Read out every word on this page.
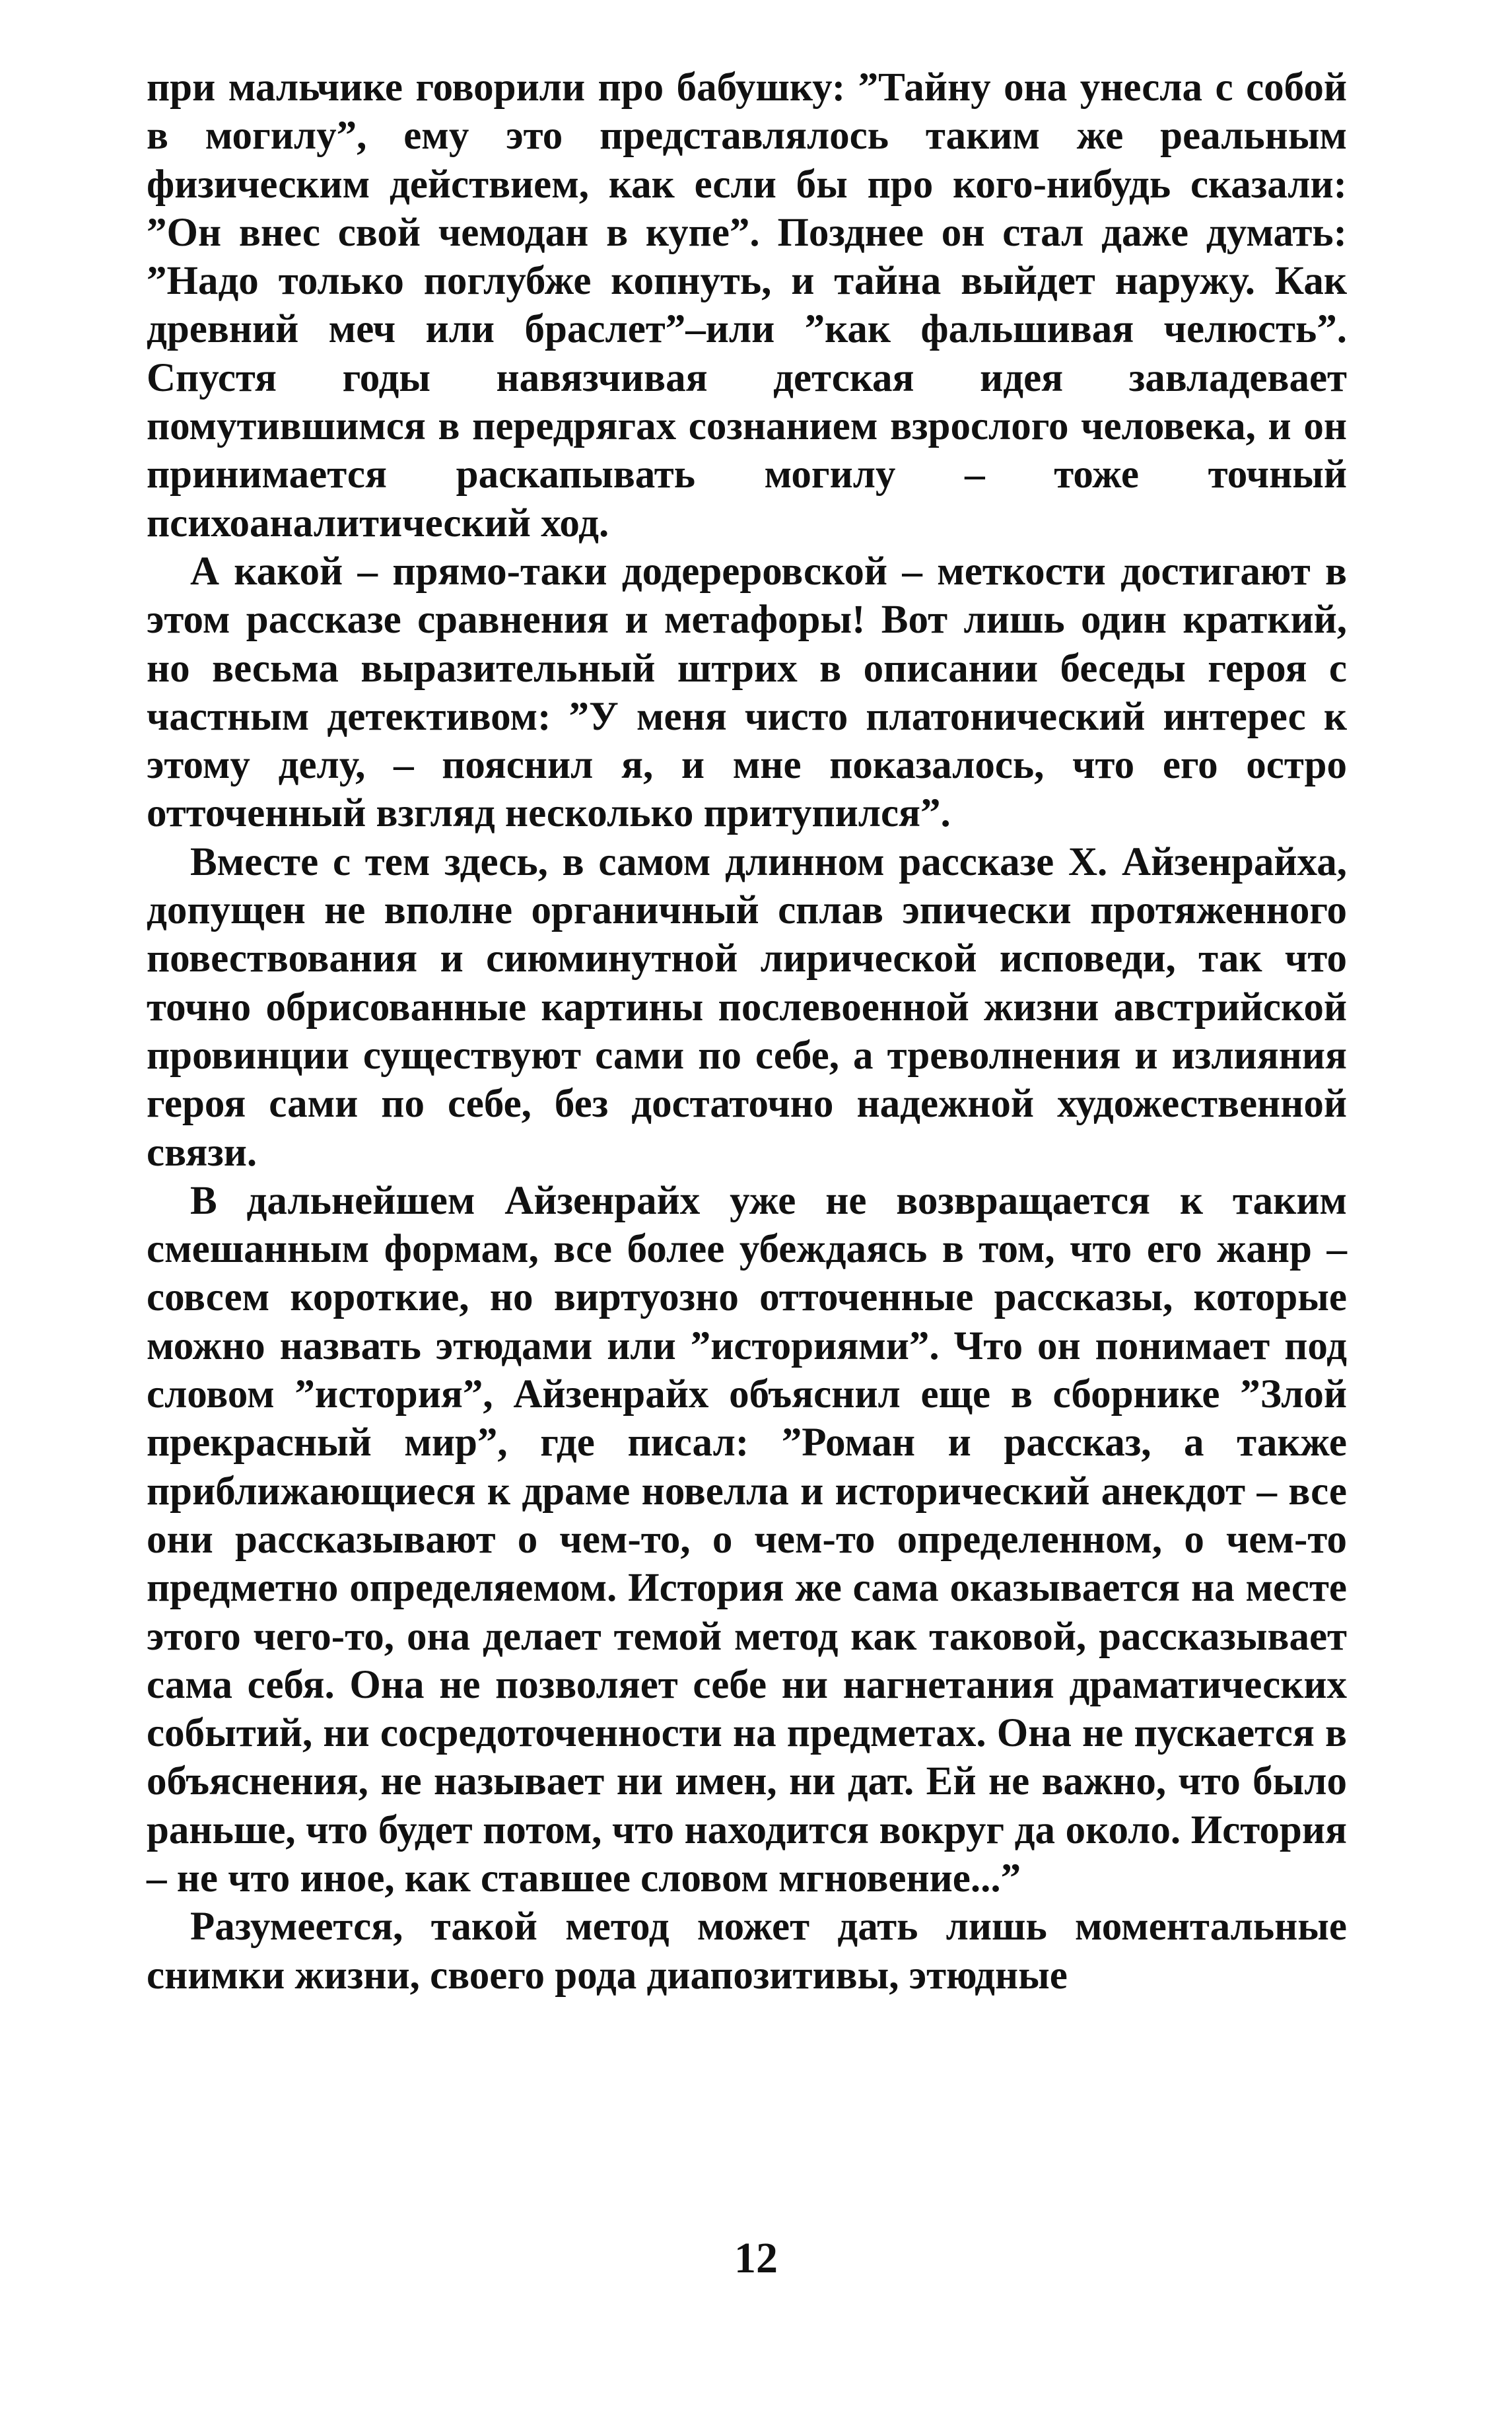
при мальчике говорили про бабушку: ”Тайну она унесла с собой в могилу”, ему это представлялось таким же реальным физическим действием, как если бы про кого-нибудь сказали: ”Он внес свой чемодан в купе”. Позднее он стал даже думать: ”Надо только поглубже копнуть, и тайна выйдет наружу. Как древний меч или браслет”–или ”как фальшивая челюсть”. Спустя годы навязчивая детская идея завладевает помутившимся в передрягах сознанием взрослого человека, и он принимается раскапывать могилу – тоже точный психоаналитический ход.

А какой – прямо-таки додереровской – меткости достигают в этом рассказе сравнения и метафоры! Вот лишь один краткий, но весьма выразительный штрих в описании беседы героя с частным детективом: ”У меня чисто платонический интерес к этому делу, – пояснил я, и мне показалось, что его остро отточенный взгляд несколько притупился”.

Вместе с тем здесь, в самом длинном рассказе Х. Айзенрайха, допущен не вполне органичный сплав эпически протяженного повествования и сиюминутной лирической исповеди, так что точно обрисованные картины послевоенной жизни австрийской провинции существуют сами по себе, а треволнения и излияния героя сами по себе, без достаточно надежной художественной связи.

В дальнейшем Айзенрайх уже не возвращается к таким смешанным формам, все более убеждаясь в том, что его жанр – совсем короткие, но виртуозно отточенные рассказы, которые можно назвать этюдами или ”историями”. Что он понимает под словом ”история”, Айзенрайх объяснил еще в сборнике ”Злой прекрасный мир”, где писал: ”Роман и рассказ, а также приближающиеся к драме новелла и исторический анекдот – все они рассказывают о чем-то, о чем-то определенном, о чем-то предметно определяемом. История же сама оказывается на месте этого чего-то, она делает темой метод как таковой, рассказывает сама себя. Она не позволяет себе ни нагнетания драматических событий, ни сосредоточенности на предметах. Она не пускается в объяснения, не называет ни имен, ни дат. Ей не важно, что было раньше, что будет потом, что находится вокруг да около. История – не что иное, как ставшее словом мгновение...”

Разумеется, такой метод может дать лишь моментальные снимки жизни, своего рода диапозитивы, этюдные

12
